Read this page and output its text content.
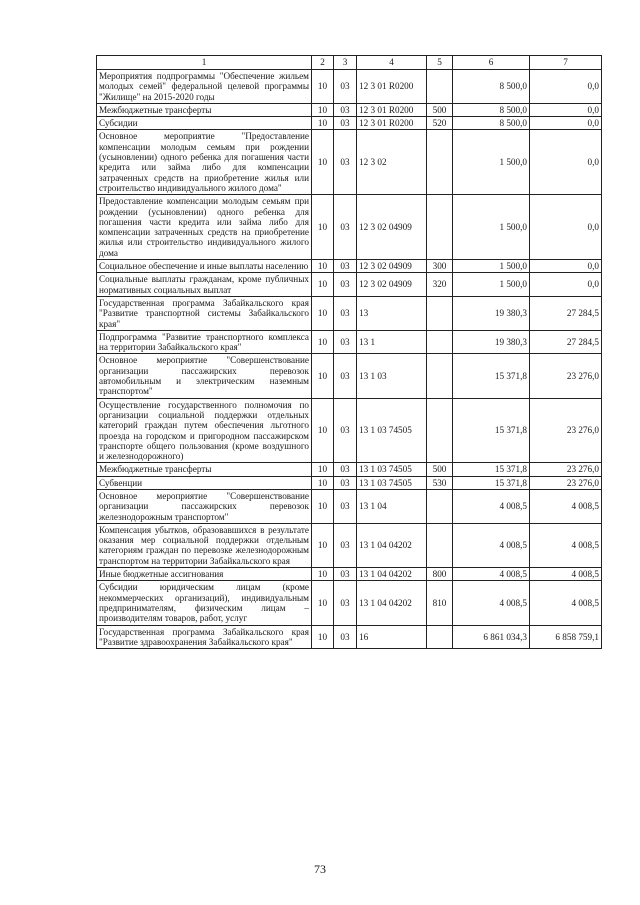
1	2	3	4	5	6	7
Мероприятия подпрограммы "Обеспечение жильем молодых семей" федеральной целевой программы "Жилище" на 2015-2020 годы	10	03	12 3 01 R0200		8 500,0	0,0
Межбюджетные трансферты	10	03	12 3 01 R0200	500	8 500,0	0,0
Субсидии	10	03	12 3 01 R0200	520	8 500,0	0,0
Основное мероприятие "Предоставление компенсации молодым семьям при рождении (усыновлении) одного ребенка для погашения части кредита или займа либо для компенсации затраченных средств на приобретение жилья или строительство индивидуального жилого дома"	10	03	12 3 02		1 500,0	0,0
Предоставление компенсации молодым семьям при рождении (усыновлении) одного ребенка для погашения части кредита или займа либо для компенсации затраченных средств на приобретение жилья или строительство индивидуального жилого дома	10	03	12 3 02 04909		1 500,0	0,0
Социальное обеспечение и иные выплаты населению	10	03	12 3 02 04909	300	1 500,0	0,0
Социальные выплаты гражданам, кроме публичных нормативных социальных выплат	10	03	12 3 02 04909	320	1 500,0	0,0
Государственная программа Забайкальского края "Развитие транспортной системы Забайкальского края"	10	03	13		19 380,3	27 284,5
Подпрограмма "Развитие транспортного комплекса на территории Забайкальского края"	10	03	13 1		19 380,3	27 284,5
Основное мероприятие "Совершенствование организации пассажирских перевозок автомобильным и электрическим наземным транспортом"	10	03	13 1 03		15 371,8	23 276,0
Осуществление государственного полномочия по организации социальной поддержки отдельных категорий граждан путем обеспечения льготного проезда на городском и пригородном пассажирском транспорте общего пользования (кроме воздушного и железнодорожного)	10	03	13 1 03 74505		15 371,8	23 276,0
Межбюджетные трансферты	10	03	13 1 03 74505	500	15 371,8	23 276,0
Субвенции	10	03	13 1 03 74505	530	15 371,8	23 276,0
Основное мероприятие "Совершенствование организации пассажирских перевозок железнодорожным транспортом"	10	03	13 1 04		4 008,5	4 008,5
Компенсация убытков, образовавшихся в результате оказания мер социальной поддержки отдельным категориям граждан по перевозке железнодорожным транспортом на территории Забайкальского края	10	03	13 1 04 04202		4 008,5	4 008,5
Иные бюджетные ассигнования	10	03	13 1 04 04202	800	4 008,5	4 008,5
Субсидии юридическим лицам (кроме некоммерческих организаций), индивидуальным предпринимателям, физическим лицам – производителям товаров, работ, услуг	10	03	13 1 04 04202	810	4 008,5	4 008,5
Государственная программа Забайкальского края "Развитие здравоохранения Забайкальского края"	10	03	16		6 861 034,3	6 858 759,1
73
